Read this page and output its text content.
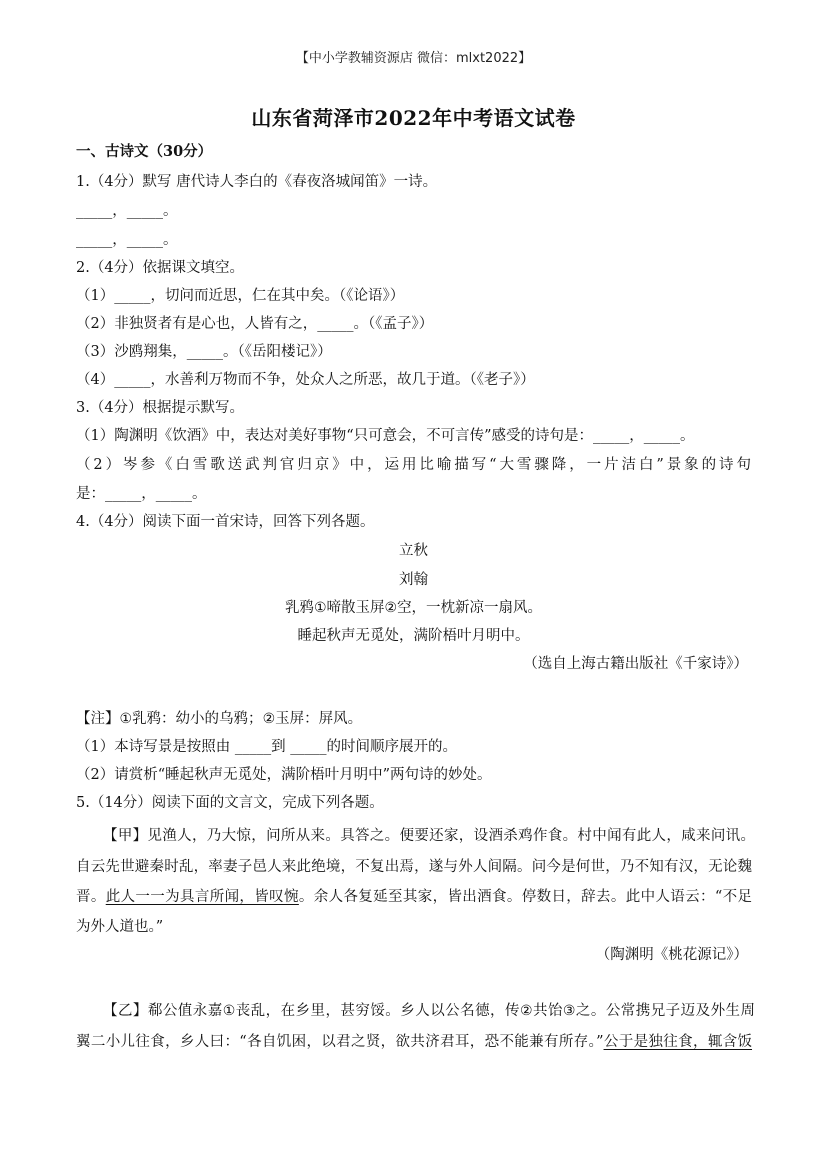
【中小学教辅资源店 微信：mlxt2022】
山东省菏泽市2022年中考语文试卷
一、古诗文（30分）
1.（4分）默写 唐代诗人李白的《春夜洛城闻笛》一诗。
_____，_____。
_____，_____。
2.（4分）依据课文填空。
（1）_____，切问而近思，仁在其中矣。（《论语》）
（2）非独贤者有是心也，人皆有之，_____。（《孟子》）
（3）沙鸥翔集，_____。（《岳阳楼记》）
（4）_____，水善利万物而不争，处众人之所恶，故几于道。（《老子》）
3.（4分）根据提示默写。
（1）陶渊明《饮酒》中，表达对美好事物“只可意会，不可言传”感受的诗句是：_____，_____。
（2）岑参《白雪歌送武判官归京》中，运用比喻描写“大雪骤降，一片洁白”景象的诗句
是：_____，_____。
4.（4分）阅读下面一首宋诗，回答下列各题。
立秋
刘翰
乳鸦①啼散玉屏②空，一枕新凉一扇风。
睡起秋声无觅处，满阶梧叶月明中。
（选自上海古籍出版社《千家诗》）
【注】①乳鸦：幼小的乌鸦；②玉屏：屏风。
（1）本诗写景是按照由 _____到 _____的时间顺序展开的。
（2）请赏析“睡起秋声无觅处，满阶梧叶月明中”两句诗的妙处。
5.（14分）阅读下面的文言文，完成下列各题。
【甲】见渔人，乃大惊，问所从来。具答之。便要还家，设酒杀鸡作食。村中闻有此人，咸来问讯。
自云先世避秦时乱，率妻子邑人来此绝境，不复出焉，遂与外人间隔。问今是何世，乃不知有汉，无论魏
晋。此人一一为具言所闻，皆叹惋。余人各复延至其家，皆出酒食。停数日，辞去。此中人语云：“不足
为外人道也。”
（陶渊明《桃花源记》）
【乙】郗公值永嘉①丧乱，在乡里，甚穷馁。乡人以公名德，传②共饴③之。公常携兄子迈及外生周
翼二小儿往食，乡人曰：“各自饥困，以君之贤，欲共济君耳，恐不能兼有所存。”公于是独往食，辄含饭
